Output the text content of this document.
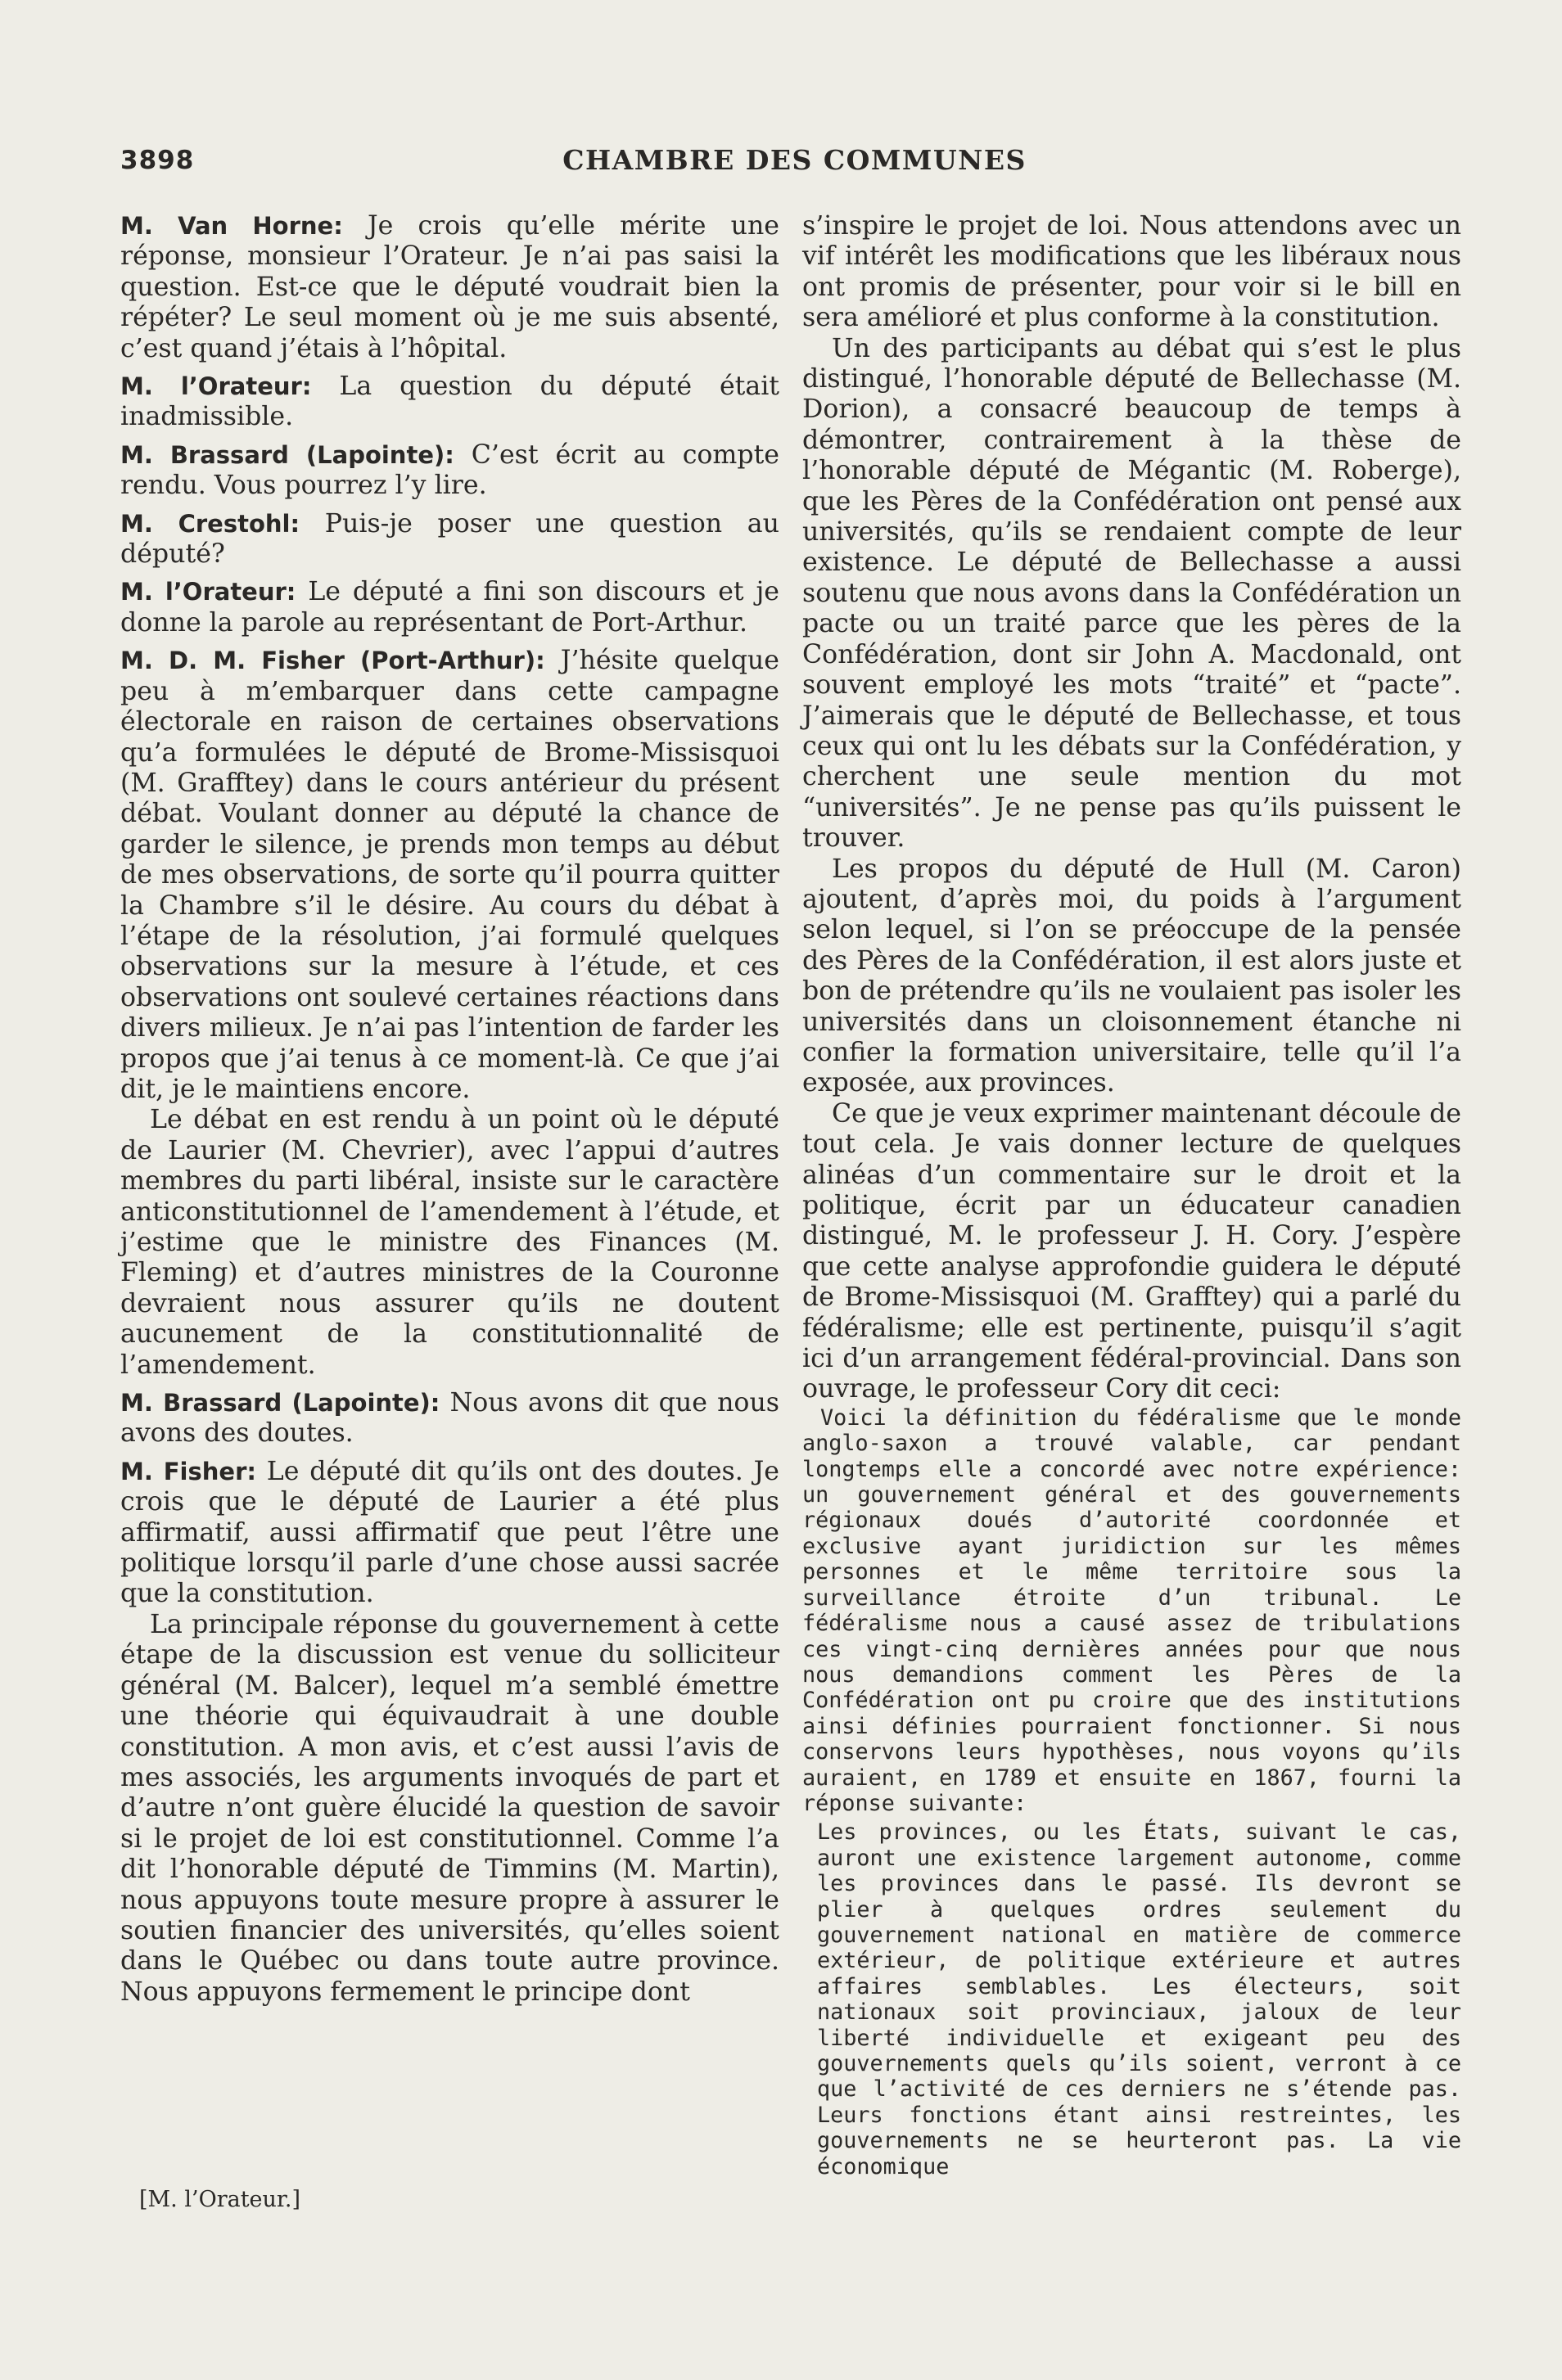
3898	CHAMBRE DES COMMUNES

M. Van Horne: Je crois qu’elle mérite une réponse, monsieur l’Orateur. Je n’ai pas saisi la question. Est-ce que le député voudrait bien la répéter? Le seul moment où je me suis absenté, c’est quand j’étais à l’hôpital.

M. l’Orateur: La question du député était inadmissible.

M. Brassard (Lapointe): C’est écrit au compte rendu. Vous pourrez l’y lire.

M. Crestohl: Puis-je poser une question au député?

M. l’Orateur: Le député a fini son discours et je donne la parole au représentant de Port-Arthur.

M. D. M. Fisher (Port-Arthur): J’hésite quelque peu à m’embarquer dans cette campagne électorale en raison de certaines observations qu’a formulées le député de Brome-Missisquoi (M. Grafftey) dans le cours antérieur du présent débat. Voulant donner au député la chance de garder le silence, je prends mon temps au début de mes observations, de sorte qu’il pourra quitter la Chambre s’il le désire. Au cours du débat à l’étape de la résolution, j’ai formulé quelques observations sur la mesure à l’étude, et ces observations ont soulevé certaines réactions dans divers milieux. Je n’ai pas l’intention de farder les propos que j’ai tenus à ce moment-là. Ce que j’ai dit, je le maintiens encore.

Le débat en est rendu à un point où le député de Laurier (M. Chevrier), avec l’appui d’autres membres du parti libéral, insiste sur le caractère anticonstitutionnel de l’amendement à l’étude, et j’estime que le ministre des Finances (M. Fleming) et d’autres ministres de la Couronne devraient nous assurer qu’ils ne doutent aucunement de la constitutionnalité de l’amendement.

M. Brassard (Lapointe): Nous avons dit que nous avons des doutes.

M. Fisher: Le député dit qu’ils ont des doutes. Je crois que le député de Laurier a été plus affirmatif, aussi affirmatif que peut l’être une politique lorsqu’il parle d’une chose aussi sacrée que la constitution.

La principale réponse du gouvernement à cette étape de la discussion est venue du solliciteur général (M. Balcer), lequel m’a semblé émettre une théorie qui équivaudrait à une double constitution. A mon avis, et c’est aussi l’avis de mes associés, les arguments invoqués de part et d’autre n’ont guère élucidé la question de savoir si le projet de loi est constitutionnel. Comme l’a dit l’honorable député de Timmins (M. Martin), nous appuyons toute mesure propre à assurer le soutien financier des universités, qu’elles soient dans le Québec ou dans toute autre province. Nous appuyons fermement le principe dont

s’inspire le projet de loi. Nous attendons avec un vif intérêt les modifications que les libéraux nous ont promis de présenter, pour voir si le bill en sera amélioré et plus conforme à la constitution.

Un des participants au débat qui s’est le plus distingué, l’honorable député de Bellechasse (M. Dorion), a consacré beaucoup de temps à démontrer, contrairement à la thèse de l’honorable député de Mégantic (M. Roberge), que les Pères de la Confédération ont pensé aux universités, qu’ils se rendaient compte de leur existence. Le député de Bellechasse a aussi soutenu que nous avons dans la Confédération un pacte ou un traité parce que les pères de la Confédération, dont sir John A. Macdonald, ont souvent employé les mots “traité” et “pacte”. J’aimerais que le député de Bellechasse, et tous ceux qui ont lu les débats sur la Confédération, y cherchent une seule mention du mot “universités”. Je ne pense pas qu’ils puissent le trouver.

Les propos du député de Hull (M. Caron) ajoutent, d’après moi, du poids à l’argument selon lequel, si l’on se préoccupe de la pensée des Pères de la Confédération, il est alors juste et bon de prétendre qu’ils ne voulaient pas isoler les universités dans un cloisonnement étanche ni confier la formation universitaire, telle qu’il l’a exposée, aux provinces.

Ce que je veux exprimer maintenant découle de tout cela. Je vais donner lecture de quelques alinéas d’un commentaire sur le droit et la politique, écrit par un éducateur canadien distingué, M. le professeur J. H. Cory. J’espère que cette analyse approfondie guidera le député de Brome-Missisquoi (M. Grafftey) qui a parlé du fédéralisme; elle est pertinente, puisqu’il s’agit ici d’un arrangement fédéral-provincial. Dans son ouvrage, le professeur Cory dit ceci:

Voici la définition du fédéralisme que le monde anglo-saxon a trouvé valable, car pendant longtemps elle a concordé avec notre expérience: un gouvernement général et des gouvernements régionaux doués d’autorité coordonnée et exclusive ayant juridiction sur les mêmes personnes et le même territoire sous la surveillance étroite d’un tribunal. Le fédéralisme nous a causé assez de tribulations ces vingt-cinq dernières années pour que nous nous demandions comment les Pères de la Confédération ont pu croire que des institutions ainsi définies pourraient fonctionner. Si nous conservons leurs hypothèses, nous voyons qu’ils auraient, en 1789 et ensuite en 1867, fourni la réponse suivante:

Les provinces, ou les États, suivant le cas, auront une existence largement autonome, comme les provinces dans le passé. Ils devront se plier à quelques ordres seulement du gouvernement national en matière de commerce extérieur, de politique extérieure et autres affaires semblables. Les électeurs, soit nationaux soit provinciaux, jaloux de leur liberté individuelle et exigeant peu des gouvernements quels qu’ils soient, verront à ce que l’activité de ces derniers ne s’étende pas. Leurs fonctions étant ainsi restreintes, les gouvernements ne se heurteront pas. La vie économique

[M. l’Orateur.]
